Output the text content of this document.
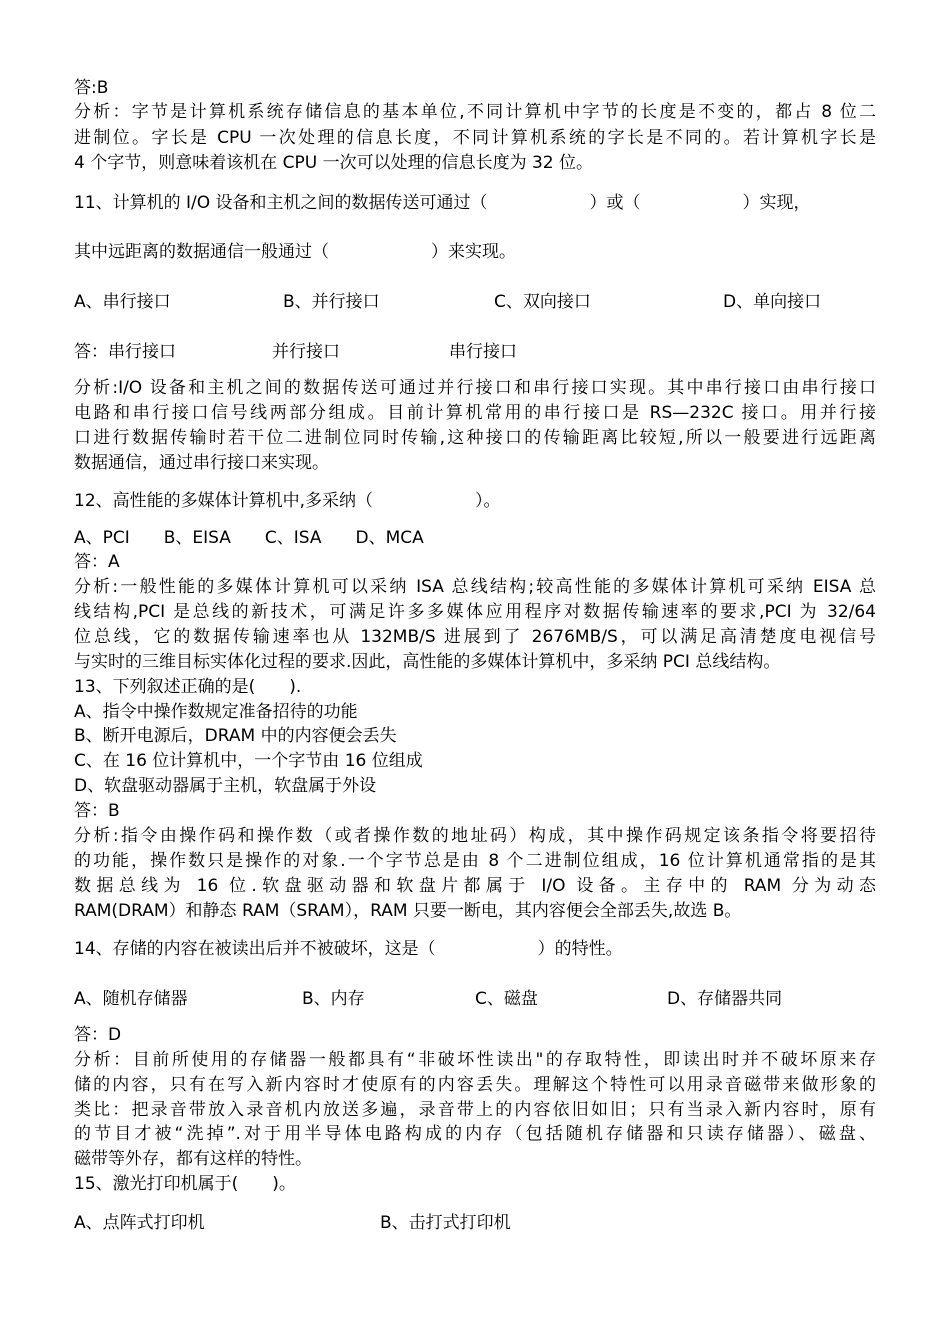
答:B
分析：字节是计算机系统存储信息的基本单位,不同计算机中字节的长度是不变的，都占 8 位二
进制位。字长是 CPU 一次处理的信息长度，不同计算机系统的字长是不同的。若计算机字长是
4 个字节，则意味着该机在 CPU 一次可以处理的信息长度为 32 位。
11、计算机的 I/O 设备和主机之间的数据传送可通过（　　　　　　）或（　　　　　　）实现，
其中远距离的数据通信一般通过（　　　　　　）来实现。
A、串行接口	B、并行接口	C、双向接口	D、单向接口
答：串行接口	并行接口	串行接口
分析:I/O 设备和主机之间的数据传送可通过并行接口和串行接口实现。其中串行接口由串行接口
电路和串行接口信号线两部分组成。目前计算机常用的串行接口是 RS—232C 接口。用并行接
口进行数据传输时若干位二进制位同时传输,这种接口的传输距离比较短,所以一般要进行远距离
数据通信，通过串行接口来实现。
12、高性能的多媒体计算机中,多采纳（　　　　　　）。
A、PCI　　B、EISA　　C、ISA　　D、MCA
答：A
分析:一般性能的多媒体计算机可以采纳 ISA 总线结构;较高性能的多媒体计算机可采纳 EISA 总
线结构,PCI 是总线的新技术，可满足许多多媒体应用程序对数据传输速率的要求,PCI 为 32/64
位总线，它的数据传输速率也从 132MB/S 进展到了 2676MB/S，可以满足高清楚度电视信号
与实时的三维目标实体化过程的要求.因此，高性能的多媒体计算机中，多采纳 PCI 总线结构。
13、下列叙述正确的是(　　).
A、指令中操作数规定准备招待的功能
B、断开电源后，DRAM 中的内容便会丢失
C、在 16 位计算机中，一个字节由 16 位组成
D、软盘驱动器属于主机，软盘属于外设
答：B
分析:指令由操作码和操作数（或者操作数的地址码）构成，其中操作码规定该条指令将要招待
的功能，操作数只是操作的对象.一个字节总是由 8 个二进制位组成，16 位计算机通常指的是其
数据总线为 16 位.软盘驱动器和软盘片都属于 I/O 设备。主存中的 RAM 分为动态
RAM(DRAM）和静态 RAM（SRAM），RAM 只要一断电，其内容便会全部丢失,故选 B。
14、存储的内容在被读出后并不被破坏，这是（　　　　　　）的特性。
A、随机存储器	B、内存	C、磁盘	D、存储器共同
答：D
分析：目前所使用的存储器一般都具有“非破坏性读出"的存取特性，即读出时并不破坏原来存
储的内容，只有在写入新内容时才使原有的内容丢失。理解这个特性可以用录音磁带来做形象的
类比：把录音带放入录音机内放送多遍，录音带上的内容依旧如旧；只有当录入新内容时，原有
的节目才被“洗掉”.对于用半导体电路构成的内存（包括随机存储器和只读存储器）、磁盘、
磁带等外存，都有这样的特性。
15、激光打印机属于(　　)。
A、点阵式打印机	B、击打式打印机
